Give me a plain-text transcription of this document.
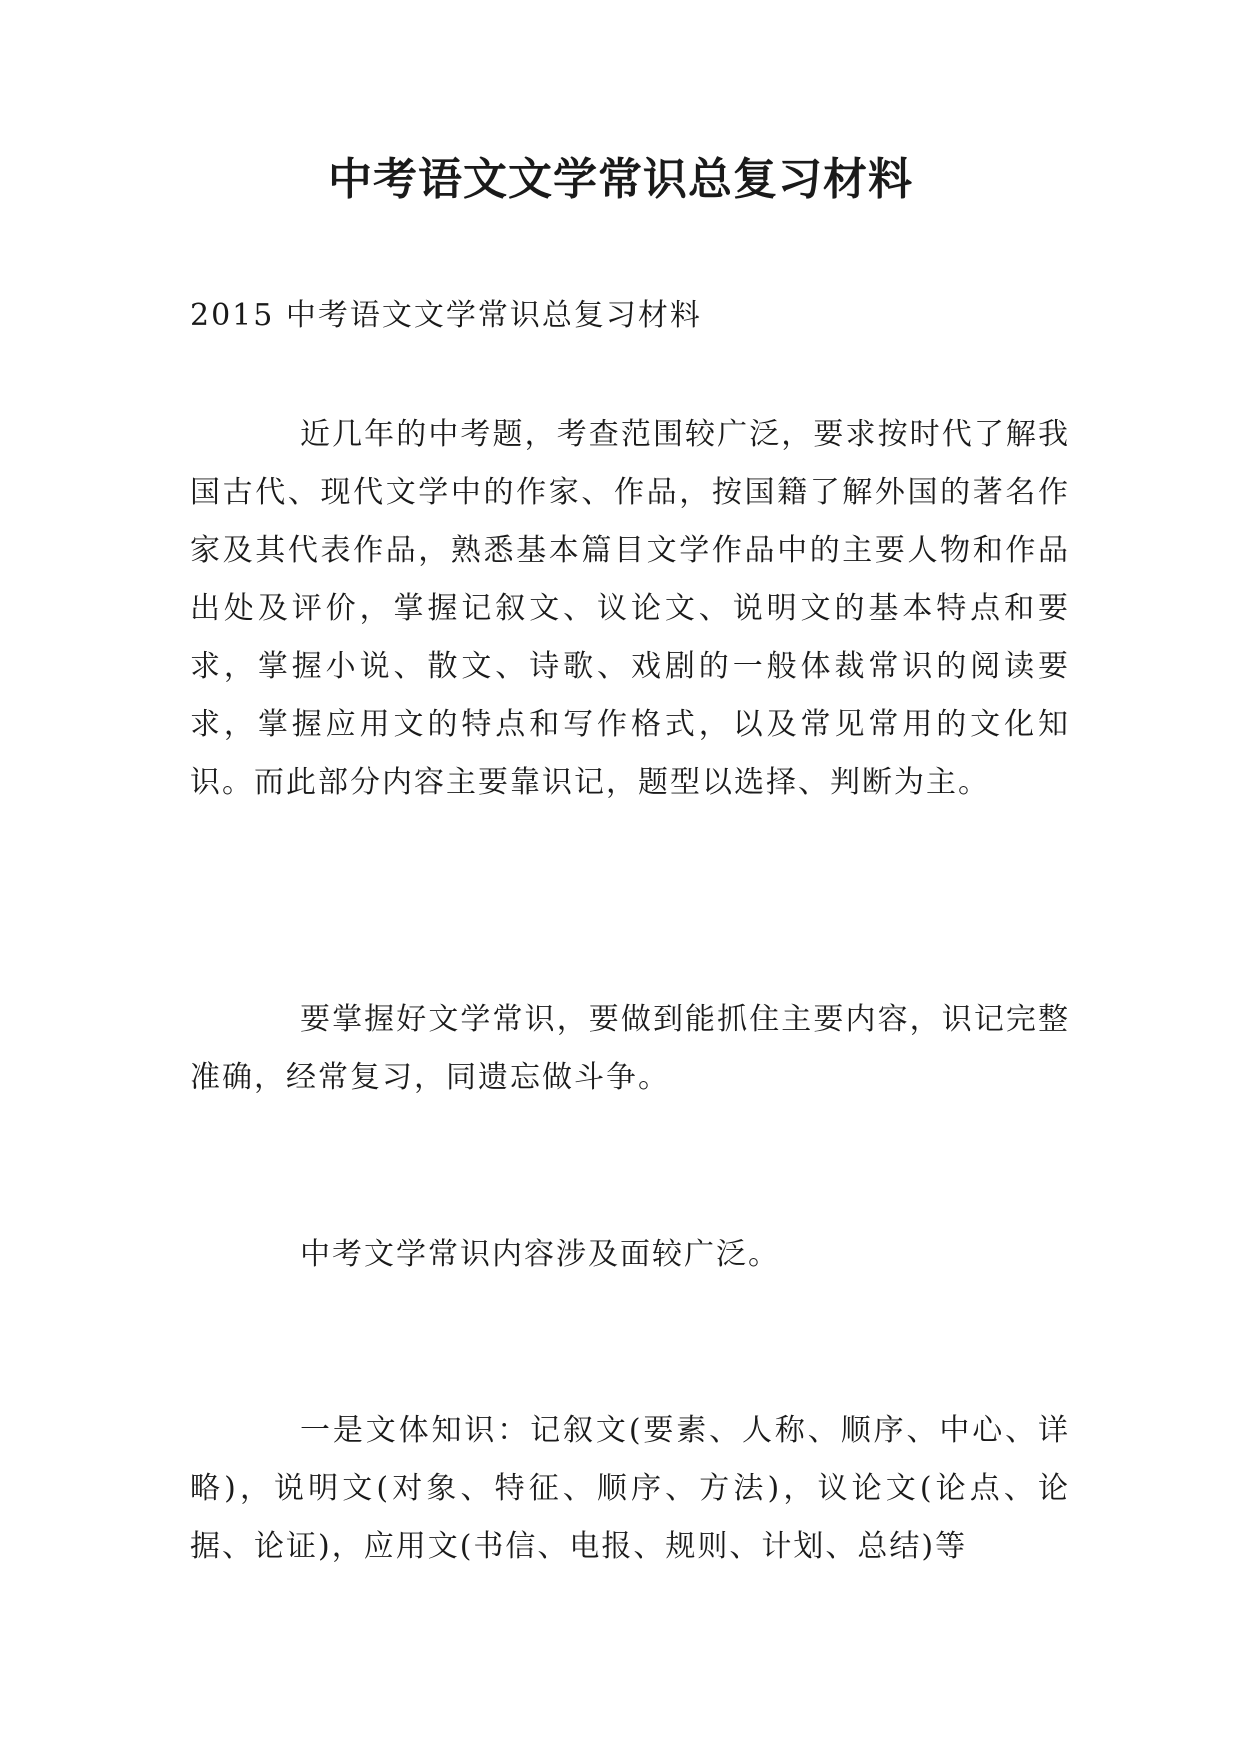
中考语文文学常识总复习材料

2015 中考语文文学常识总复习材料

近几年的中考题，考查范围较广泛，要求按时代了解我国古代、现代文学中的作家、作品，按国籍了解外国的著名作家及其代表作品，熟悉基本篇目文学作品中的主要人物和作品出处及评价，掌握记叙文、议论文、说明文的基本特点和要求，掌握小说、散文、诗歌、戏剧的一般体裁常识的阅读要求，掌握应用文的特点和写作格式，以及常见常用的文化知识。而此部分内容主要靠识记，题型以选择、判断为主。

要掌握好文学常识，要做到能抓住主要内容，识记完整准确，经常复习，同遗忘做斗争。

中考文学常识内容涉及面较广泛。

一是文体知识：记叙文(要素、人称、顺序、中心、详略)，说明文(对象、特征、顺序、方法)，议论文(论点、论据、论证)，应用文(书信、电报、规则、计划、总结)等
